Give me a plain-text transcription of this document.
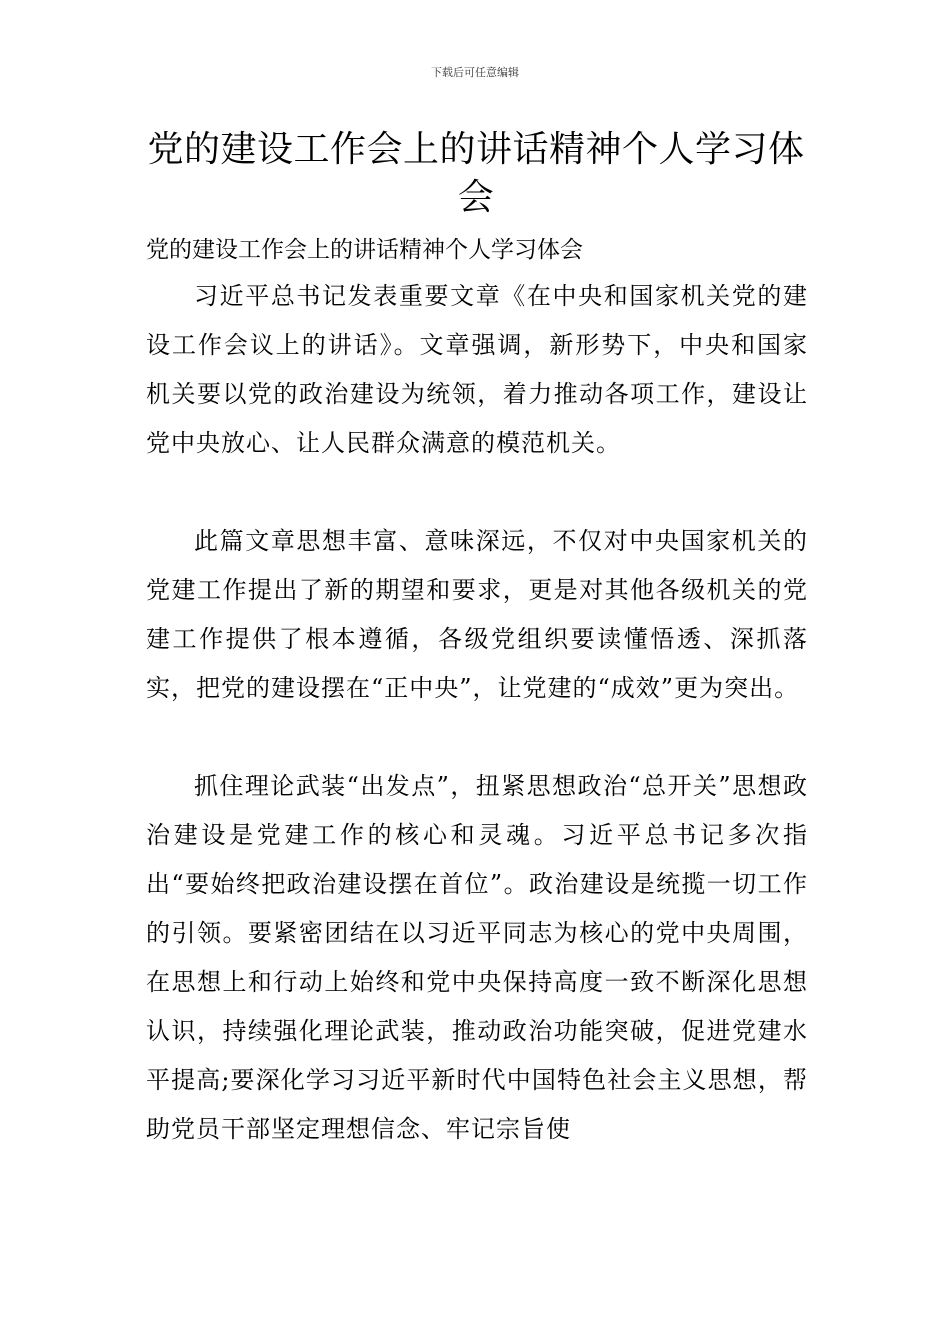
下载后可任意编辑
党的建设工作会上的讲话精神个人学习体会

党的建设工作会上的讲话精神个人学习体会

习近平总书记发表重要文章《在中央和国家机关党的建设工作会议上的讲话》。文章强调，新形势下，中央和国家机关要以党的政治建设为统领，着力推动各项工作，建设让党中央放心、让人民群众满意的模范机关。

此篇文章思想丰富、意味深远，不仅对中央国家机关的党建工作提出了新的期望和要求，更是对其他各级机关的党建工作提供了根本遵循，各级党组织要读懂悟透、深抓落实，把党的建设摆在“正中央”，让党建的“成效”更为突出。

抓住理论武装“出发点”，扭紧思想政治“总开关”思想政治建设是党建工作的核心和灵魂。习近平总书记多次指出“要始终把政治建设摆在首位”。政治建设是统揽一切工作的引领。要紧密团结在以习近平同志为核心的党中央周围，在思想上和行动上始终和党中央保持高度一致不断深化思想认识，持续强化理论武装，推动政治功能突破，促进党建水平提高;要深化学习习近平新时代中国特色社会主义思想，帮助党员干部坚定理想信念、牢记宗旨使
